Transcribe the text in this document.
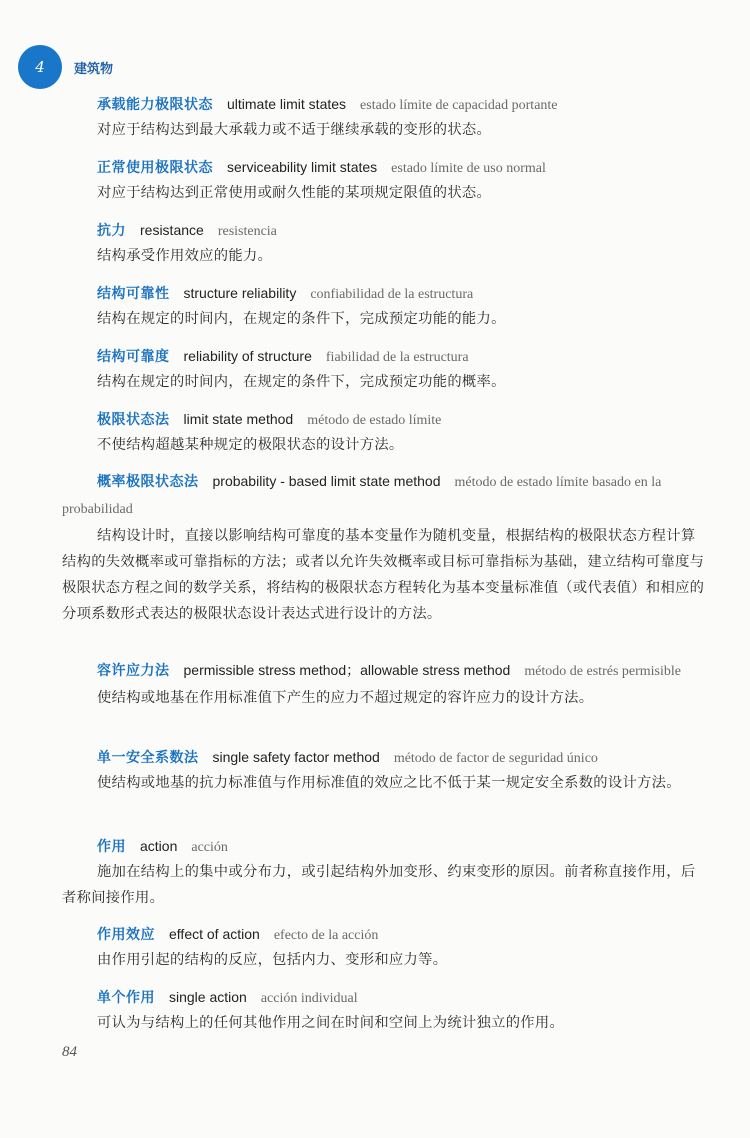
4	建筑物
承载能力极限状态 ultimate limit states estado límite de capacidad portante
对应于结构达到最大承载力或不适于继续承载的变形的状态。
正常使用极限状态 serviceability limit states estado límite de uso normal
对应于结构达到正常使用或耐久性能的某项规定限值的状态。
抗力 resistance resistencia
结构承受作用效应的能力。
结构可靠性 structure reliability confiabilidad de la estructura
结构在规定的时间内，在规定的条件下，完成预定功能的能力。
结构可靠度 reliability of structure fiabilidad de la estructura
结构在规定的时间内，在规定的条件下，完成预定功能的概率。
极限状态法 limit state method método de estado límite
不使结构超越某种规定的极限状态的设计方法。
概率极限状态法 probability - based limit state method método de estado límite basado en la probabilidad
结构设计时，直接以影响结构可靠度的基本变量作为随机变量，根据结构的极限状态方程计算结构的失效概率或可靠指标的方法；或者以允许失效概率或目标可靠指标为基础，建立结构可靠度与极限状态方程之间的数学关系，将结构的极限状态方程转化为基本变量标准值（或代表值）和相应的分项系数形式表达的极限状态设计表达式进行设计的方法。
容许应力法 permissible stress method；allowable stress method método de estrés permisible
使结构或地基在作用标准值下产生的应力不超过规定的容许应力的设计方法。
单一安全系数法 single safety factor method método de factor de seguridad único
使结构或地基的抗力标准值与作用标准值的效应之比不低于某一规定安全系数的设计方法。
作用 action acción
施加在结构上的集中或分布力，或引起结构外加变形、约束变形的原因。前者称直接作用，后者称间接作用。
作用效应 effect of action efecto de la acción
由作用引起的结构的反应，包括内力、变形和应力等。
单个作用 single action acción individual
可认为与结构上的任何其他作用之间在时间和空间上为统计独立的作用。
84
